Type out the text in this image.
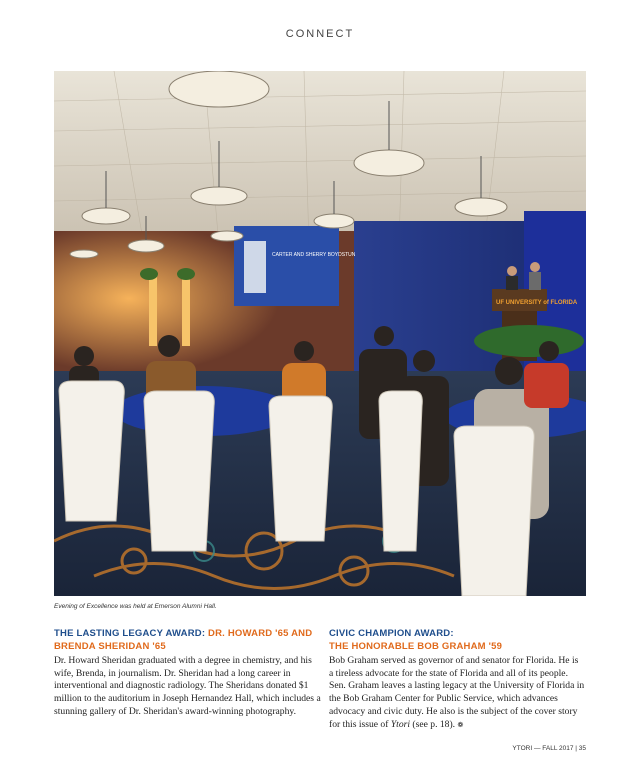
CONNECT
CARTER AND SHERRY BOYDSTUN
UF UNIVERSITY of FLORIDA
Evening of Excellence was held at Emerson Alumni Hall.
THE LASTING LEGACY AWARD: DR. HOWARD '65 AND BRENDA SHERIDAN '65
Dr. Howard Sheridan graduated with a degree in chemistry, and his wife, Brenda, in journalism. Dr. Sheridan had a long career in interventional and diagnostic radiology. The Sheridans donated $1 million to the auditorium in Joseph Hernandez Hall, which includes a stunning gallery of Dr. Sheridan's award-winning photography.
CIVIC CHAMPION AWARD:
THE HONORABLE BOB GRAHAM '59
Bob Graham served as governor of and senator for Florida. He is a tireless advocate for the state of Florida and all of its people. Sen. Graham leaves a lasting legacy at the University of Florida in the Bob Graham Center for Public Service, which advances advocacy and civic duty. He also is the subject of the cover story for this issue of Ytori (see p. 18). ❁
YTORI — FALL 2017 | 35
